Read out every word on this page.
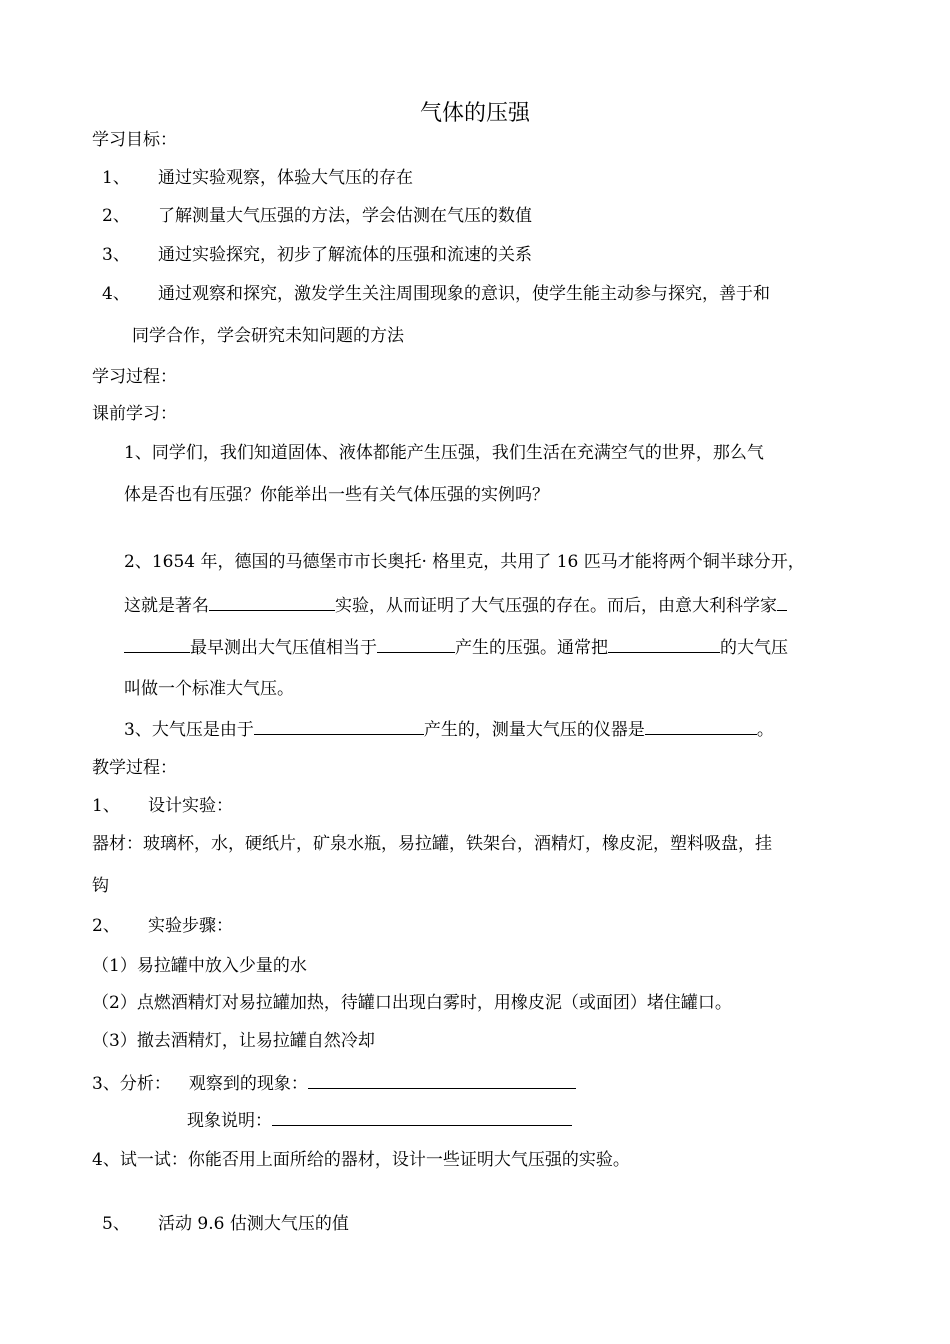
气体的压强
学习目标：
1、 通过实验观察，体验大气压的存在
2、 了解测量大气压强的方法，学会估测在气压的数值
3、 通过实验探究，初步了解流体的压强和流速的关系
4、 通过观察和探究，激发学生关注周围现象的意识，使学生能主动参与探究，善于和
同学合作，学会研究未知问题的方法
学习过程：
课前学习：
1、同学们，我们知道固体、液体都能产生压强，我们生活在充满空气的世界，那么气
体是否也有压强？你能举出一些有关气体压强的实例吗？
2、1654 年，德国的马德堡市市长奥托· 格里克，共用了 16 匹马才能将两个铜半球分开，
这就是著名	实验，从而证明了大气压强的存在。而后，由意大利科学家
最早测出大气压值相当于	产生的压强。通常把	的大气压
叫做一个标准大气压。
3、大气压是由于	产生的，测量大气压的仪器是	。
教学过程：
1、 设计实验：
器材：玻璃杯，水，硬纸片，矿泉水瓶，易拉罐，铁架台，酒精灯，橡皮泥，塑料吸盘，挂
钩
2、 实验步骤：
（1）易拉罐中放入少量的水
（2）点燃酒精灯对易拉罐加热，待罐口出现白雾时，用橡皮泥（或面团）堵住罐口。
（3）撤去酒精灯，让易拉罐自然冷却
3、分析： 观察到的现象：
现象说明：
4、试一试：你能否用上面所给的器材，设计一些证明大气压强的实验。
5、 活动 9.6 估测大气压的值
